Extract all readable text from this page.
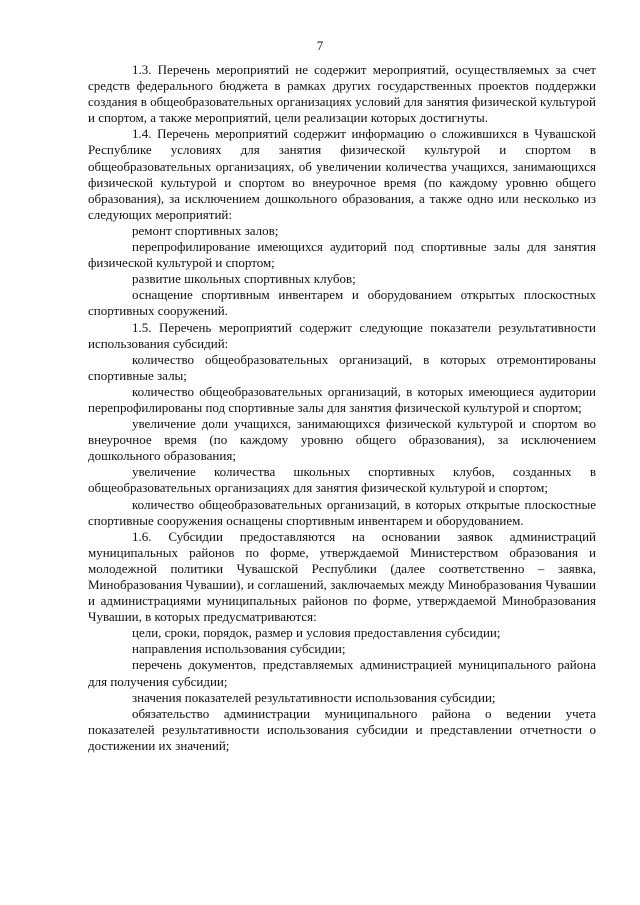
7

1.3. Перечень мероприятий не содержит мероприятий, осуществляемых за счет средств федерального бюджета в рамках других государственных проектов поддержки создания в общеобразовательных организациях условий для занятия физической культурой и спортом, а также мероприятий, цели реализации которых достигнуты.

1.4. Перечень мероприятий содержит информацию о сложившихся в Чувашской Республике условиях для занятия физической культурой и спортом в общеобразовательных организациях, об увеличении количества учащихся, занимающихся физической культурой и спортом во внеурочное время (по каждому уровню общего образования), за исключением дошкольного образования, а также одно или несколько из следующих мероприятий:

ремонт спортивных залов;

перепрофилирование имеющихся аудиторий под спортивные залы для занятия физической культурой и спортом;

развитие школьных спортивных клубов;

оснащение спортивным инвентарем и оборудованием открытых плоскостных спортивных сооружений.

1.5. Перечень мероприятий содержит следующие показатели результативности использования субсидий:

количество общеобразовательных организаций, в которых отремонтированы спортивные залы;

количество общеобразовательных организаций, в которых имеющиеся аудитории перепрофилированы под спортивные залы для занятия физической культурой и спортом;

увеличение доли учащихся, занимающихся физической культурой и спортом во внеурочное время (по каждому уровню общего образования), за исключением дошкольного образования;

увеличение количества школьных спортивных клубов, созданных в общеобразовательных организациях для занятия физической культурой и спортом;

количество общеобразовательных организаций, в которых открытые плоскостные спортивные сооружения оснащены спортивным инвентарем и оборудованием.

1.6. Субсидии предоставляются на основании заявок администраций муниципальных районов по форме, утверждаемой Министерством образования и молодежной политики Чувашской Республики (далее соответственно – заявка, Минобразования Чувашии), и соглашений, заключаемых между Минобразования Чувашии и администрациями муниципальных районов по форме, утверждаемой Минобразования Чувашии, в которых предусматриваются:

цели, сроки, порядок, размер и условия предоставления субсидии;

направления использования субсидии;

перечень документов, представляемых администрацией муниципального района для получения субсидии;

значения показателей результативности использования субсидии;

обязательство администрации муниципального района о ведении учета показателей результативности использования субсидии и представлении отчетности о достижении их значений;
